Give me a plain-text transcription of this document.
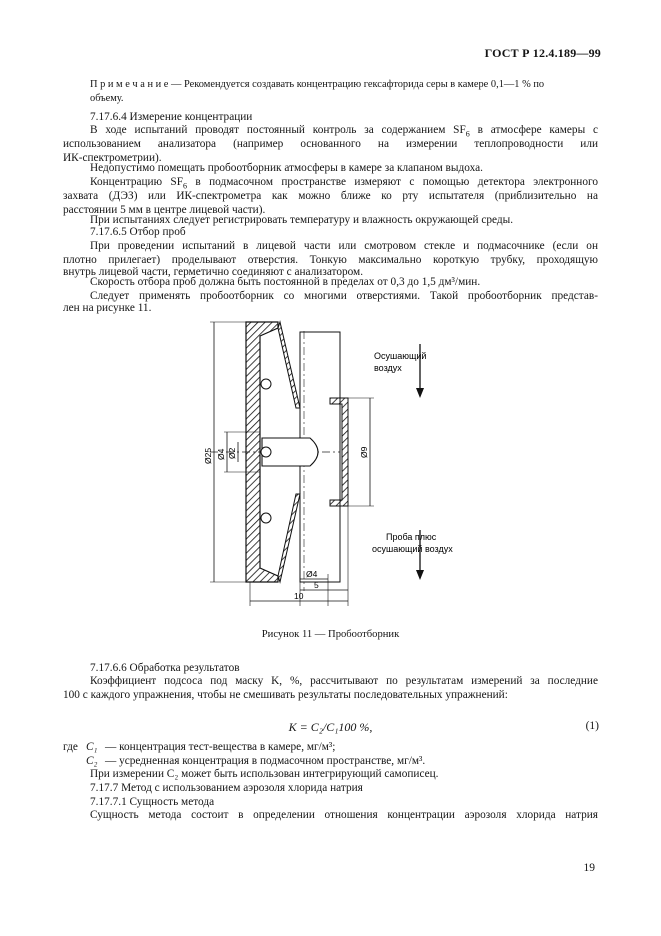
ГОСТ Р 12.4.189—99

П р и м е ч а н и е — Рекомендуется создавать концентрацию гексафторида серы в камере 0,1—1 % по

объему.

7.17.6.4 Измерение концентрации

В ходе испытаний проводят постоянный контроль за содержанием $SF_6$ в атмосфере камеры с

использованием анализатора (например основанного на измерении теплопроводности или

ИК-спектрометрии).

Недопустимо помещать пробоотборник атмосферы в камере за клапаном выдоха.

Концентрацию $SF_6$ в подмасочном пространстве измеряют с помощью детектора электронного

захвата (ДЭЗ) или ИК-спектрометра как можно ближе ко рту испытателя (приблизительно на

расстоянии 5 мм в центре лицевой части).

При испытаниях следует регистрировать температуру и влажность окружающей среды.

7.17.6.5 Отбор проб

При проведении испытаний в лицевой части или смотровом стекле и подмасочнике (если он

плотно прилегает) проделывают отверстия. Тонкую максимально короткую трубку, проходящую

внутрь лицевой части, герметично соединяют с анализатором.

Скорость отбора проб должна быть постоянной в пределах от 0,3 до 1,5 дм³/мин.

Следует применять пробоотборник со многими отверстиями. Такой пробоотборник представ-

лен на рисунке 11.

Осушающий
воздух
Проба плюс
осушающий воздух
Ø25 Ø4 Ø2	Ø9
Ø4
5
10
Рисунок 11 — Пробоотборник

7.17.6.6 Обработка результатов

Коэффициент подсоса под маску K, %, рассчитывают по результатам измерений за последние

100 с каждого упражнения, чтобы не смешивать результаты последовательных упражнений:

K = C₂/C₁100 %,	(1)
где C₁ — концентрация тест-вещества в камере, мг/м³;
C₂ — усредненная концентрация в подмасочном пространстве, мг/м³.

При измерении C₂ может быть использован интегрирующий самописец.

7.17.7 Метод с использованием аэрозоля хлорида натрия

7.17.7.1 Сущность метода

Сущность метода состоит в определении отношения концентрации аэрозоля хлорида натрия

19
